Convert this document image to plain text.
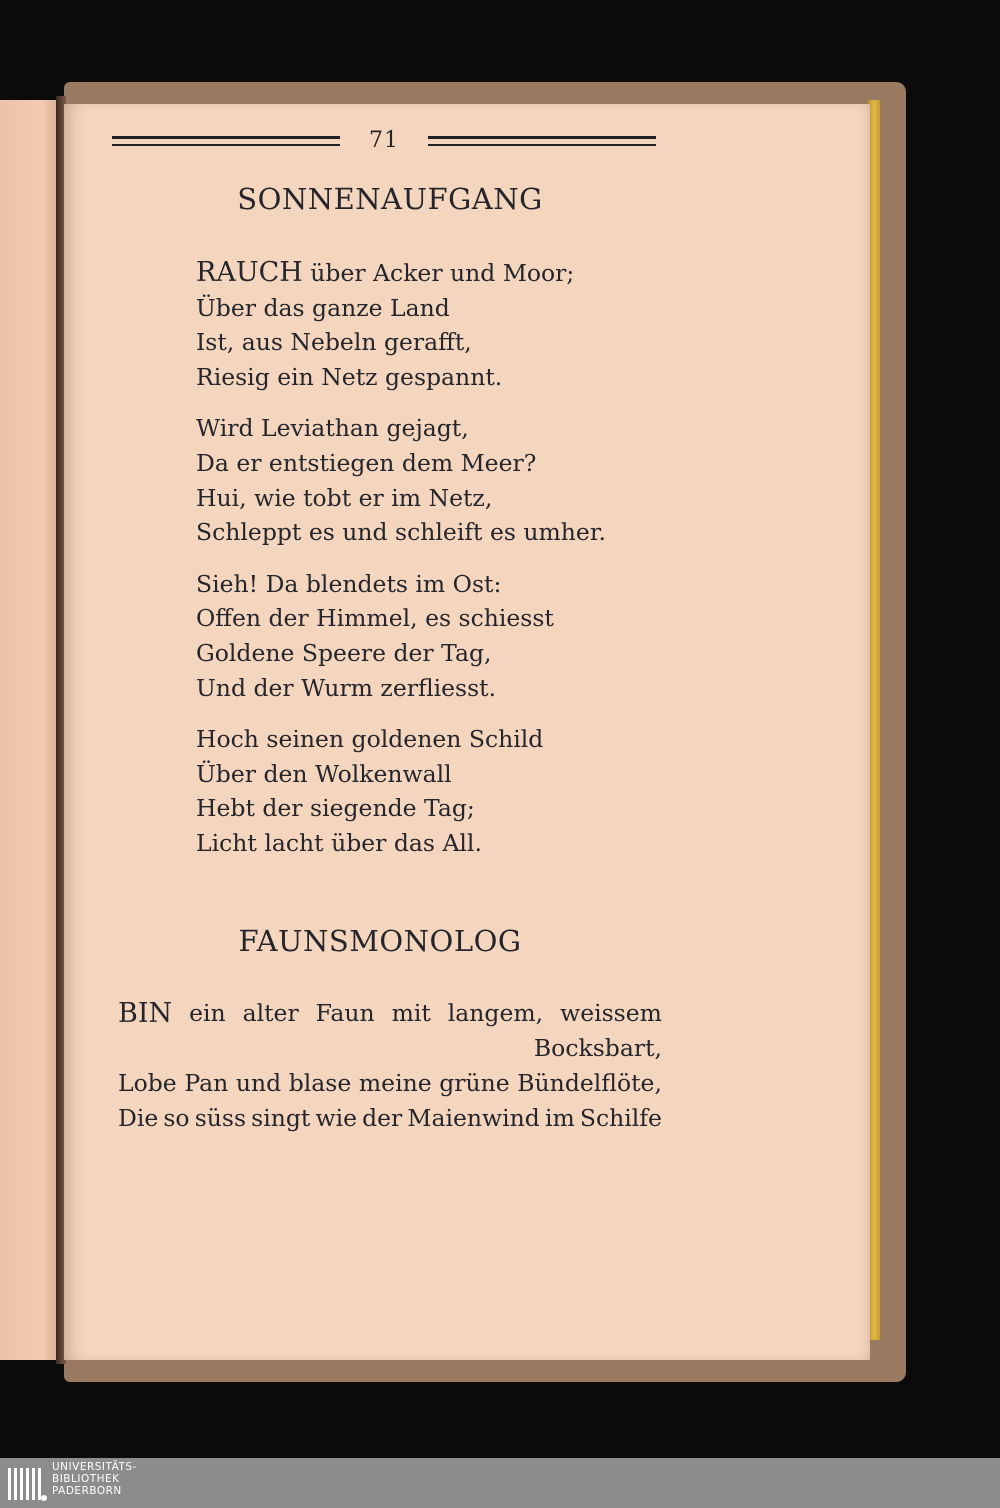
71
SONNENAUFGANG
RAUCH über Acker und Moor;
Über das ganze Land
Ist, aus Nebeln gerafft,
Riesig ein Netz gespannt.
Wird Leviathan gejagt,
Da er entstiegen dem Meer?
Hui, wie tobt er im Netz,
Schleppt es und schleift es umher.
Sieh! Da blendets im Ost:
Offen der Himmel, es schiesst
Goldene Speere der Tag,
Und der Wurm zerfliesst.
Hoch seinen goldenen Schild
Über den Wolkenwall
Hebt der siegende Tag;
Licht lacht über das All.
FAUNSMONOLOG
BIN ein alter Faun mit langem, weissem
Bocksbart,
Lobe Pan und blase meine grüne Bündelflöte,
Die so süss singt wie der Maienwind im Schilfe
UNIVERSITÄTS-
BIBLIOTHEK
PADERBORN
